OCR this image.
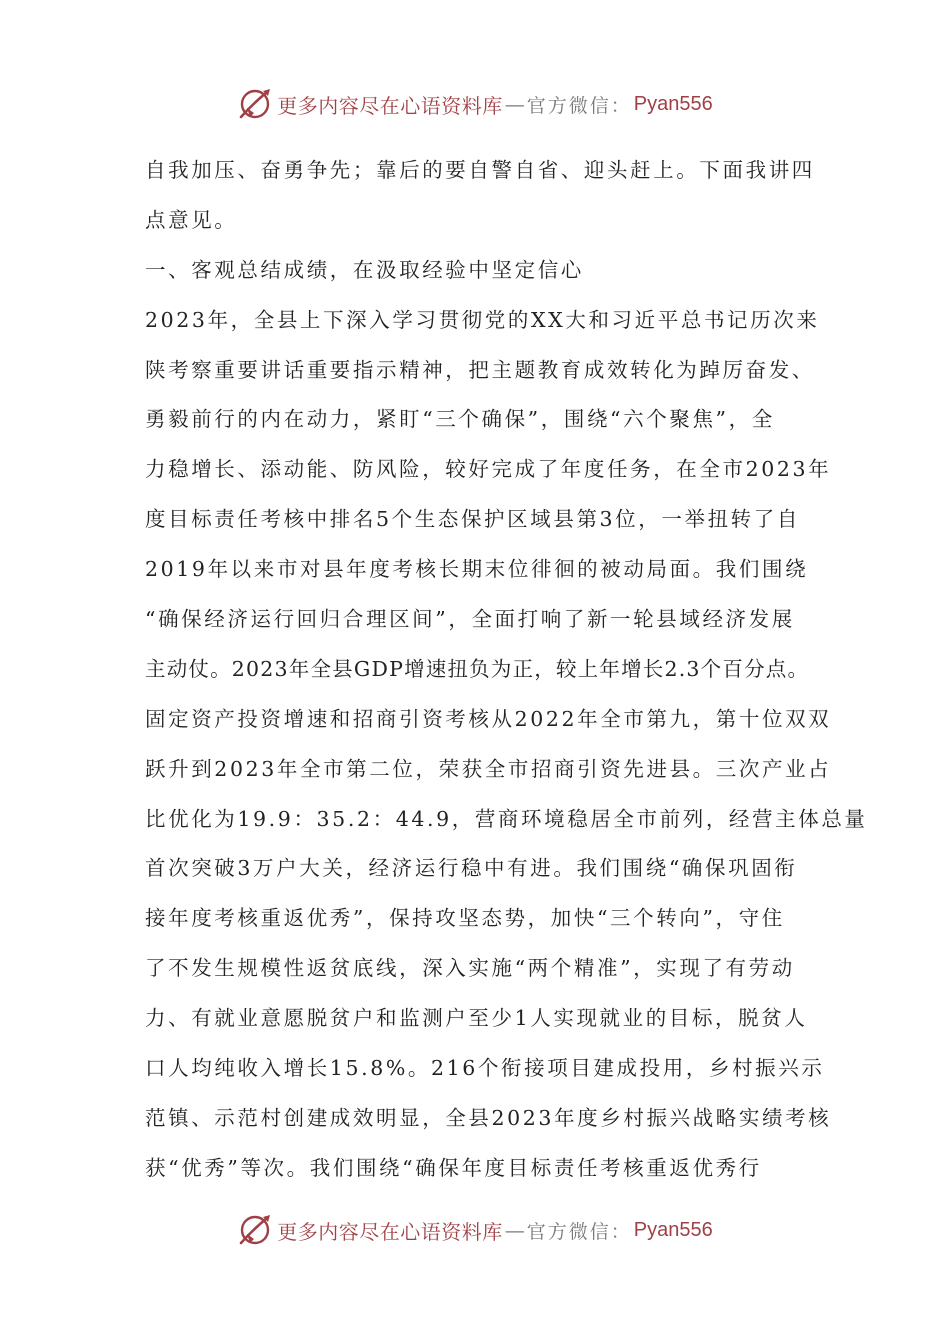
更多内容尽在心语资料库 — 官方微信： Pyan556
自我加压、奋勇争先；靠后的要自警自省、迎头赶上。下面我讲四
点意见。
一、客观总结成绩，在汲取经验中坚定信心
2023年，全县上下深入学习贯彻党的XX大和习近平总书记历次来
陕考察重要讲话重要指示精神，把主题教育成效转化为踔厉奋发、
勇毅前行的内在动力，紧盯“三个确保”，围绕“六个聚焦”，全
力稳增长、添动能、防风险，较好完成了年度任务，在全市2023年
度目标责任考核中排名5个生态保护区域县第3位，一举扭转了自
2019年以来市对县年度考核长期末位徘徊的被动局面。我们围绕
“确保经济运行回归合理区间”，全面打响了新一轮县域经济发展
主动仗。2023年全县GDP增速扭负为正，较上年增长2.3个百分点。
固定资产投资增速和招商引资考核从2022年全市第九，第十位双双
跃升到2023年全市第二位，荣获全市招商引资先进县。三次产业占
比优化为19.9：35.2：44.9，营商环境稳居全市前列，经营主体总量
首次突破3万户大关，经济运行稳中有进。我们围绕“确保巩固衔
接年度考核重返优秀”，保持攻坚态势，加快“三个转向”，守住
了不发生规模性返贫底线，深入实施“两个精准”，实现了有劳动
力、有就业意愿脱贫户和监测户至少1人实现就业的目标，脱贫人
口人均纯收入增长15.8%。216个衔接项目建成投用，乡村振兴示
范镇、示范村创建成效明显，全县2023年度乡村振兴战略实绩考核
获“优秀”等次。我们围绕“确保年度目标责任考核重返优秀行
更多内容尽在心语资料库 — 官方微信： Pyan556
